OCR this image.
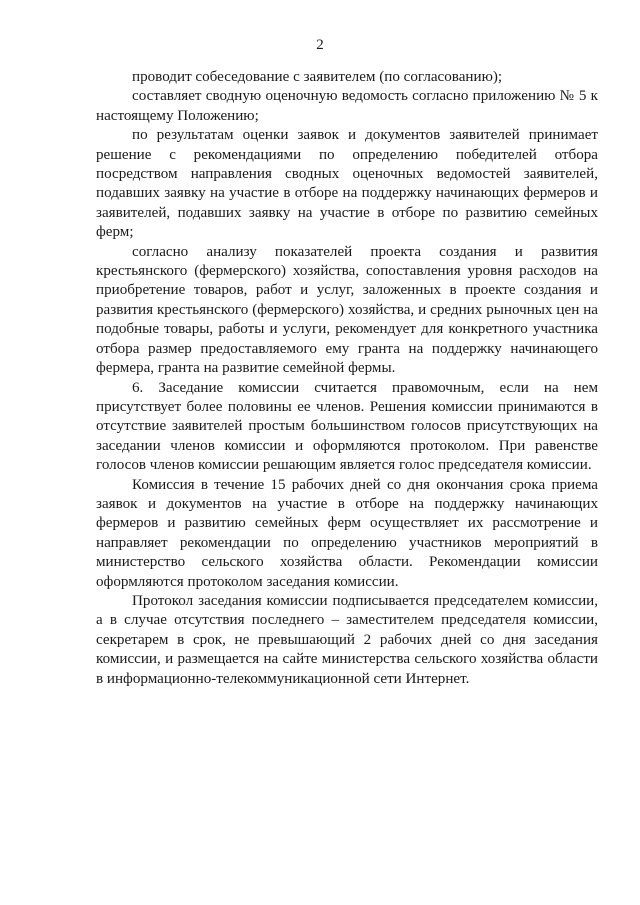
2

проводит собеседование с заявителем (по согласованию);

составляет сводную оценочную ведомость согласно приложению № 5 к настоящему Положению;

по результатам оценки заявок и документов заявителей принимает решение с рекомендациями по определению победителей отбора посредством направления сводных оценочных ведомостей заявителей, подавших заявку на участие в отборе на поддержку начинающих фермеров и заявителей, подавших заявку на участие в отборе по развитию семейных ферм;

согласно анализу показателей проекта создания и развития крестьянского (фермерского) хозяйства, сопоставления уровня расходов на приобретение товаров, работ и услуг, заложенных в проекте создания и развития крестьянского (фермерского) хозяйства, и средних рыночных цен на подобные товары, работы и услуги, рекомендует для конкретного участника отбора размер предоставляемого ему гранта на поддержку начинающего фермера, гранта на развитие семейной фермы.

6. Заседание комиссии считается правомочным, если на нем присутствует более половины ее членов. Решения комиссии принимаются в отсутствие заявителей простым большинством голосов присутствующих на заседании членов комиссии и оформляются протоколом. При равенстве голосов членов комиссии решающим является голос председателя комиссии.

Комиссия в течение 15 рабочих дней со дня окончания срока приема заявок и документов на участие в отборе на поддержку начинающих фермеров и развитию семейных ферм осуществляет их рассмотрение и направляет рекомендации по определению участников мероприятий в министерство сельского хозяйства области. Рекомендации комиссии оформляются протоколом заседания комиссии.

Протокол заседания комиссии подписывается председателем комиссии, а в случае отсутствия последнего – заместителем председателя комиссии, секретарем в срок, не превышающий 2 рабочих дней со дня заседания комиссии, и размещается на сайте министерства сельского хозяйства области в информационно-телекоммуникационной сети Интернет.
